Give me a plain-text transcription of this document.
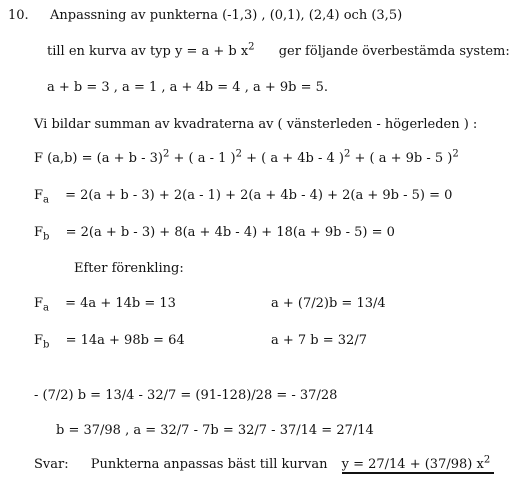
10. Anpassning av punkterna (-1,3) , (0,1), (2,4) och (3,5)
till en kurva av typ y = a + b $x^2$ ger följande överbestämda system:
a + b = 3 , a = 1 , a + 4b = 4 , a + 9b = 5.
Vi bildar summan av kvadraterna av ( vänsterleden - högerleden ) :
F $(a,b) = (a + b - 3)^2$ + ( a - 1 )$^2$ + ( a + 4b - 4 )$^2$ + ( a + 9b - 5 )$^2$
$F_a = 2(a + b - 3) + 2(a - 1) + 2(a + 4b - 4) + 2(a + 9b - 5) = 0$
$F_b = 2(a + b - 3) + 8(a + 4b - 4) + 18(a + 9b - 5) = 0$
Efter förenkling:
$F_a = 4a + 14b = 13$	a + (7/2)b = 13/4
$F_b = 14a + 98b = 64$	a + 7 b = 32/7
- (7/2) b = 13/4 - 32/7 = (91-128)/28 = - 37/28
b = 37/98 , a = 32/7 - 7b = 32/7 - 37/14 = 27/14
Svar: Punkterna anpassas bäst till kurvan y = 27/14 + (37/98) $x^2$
